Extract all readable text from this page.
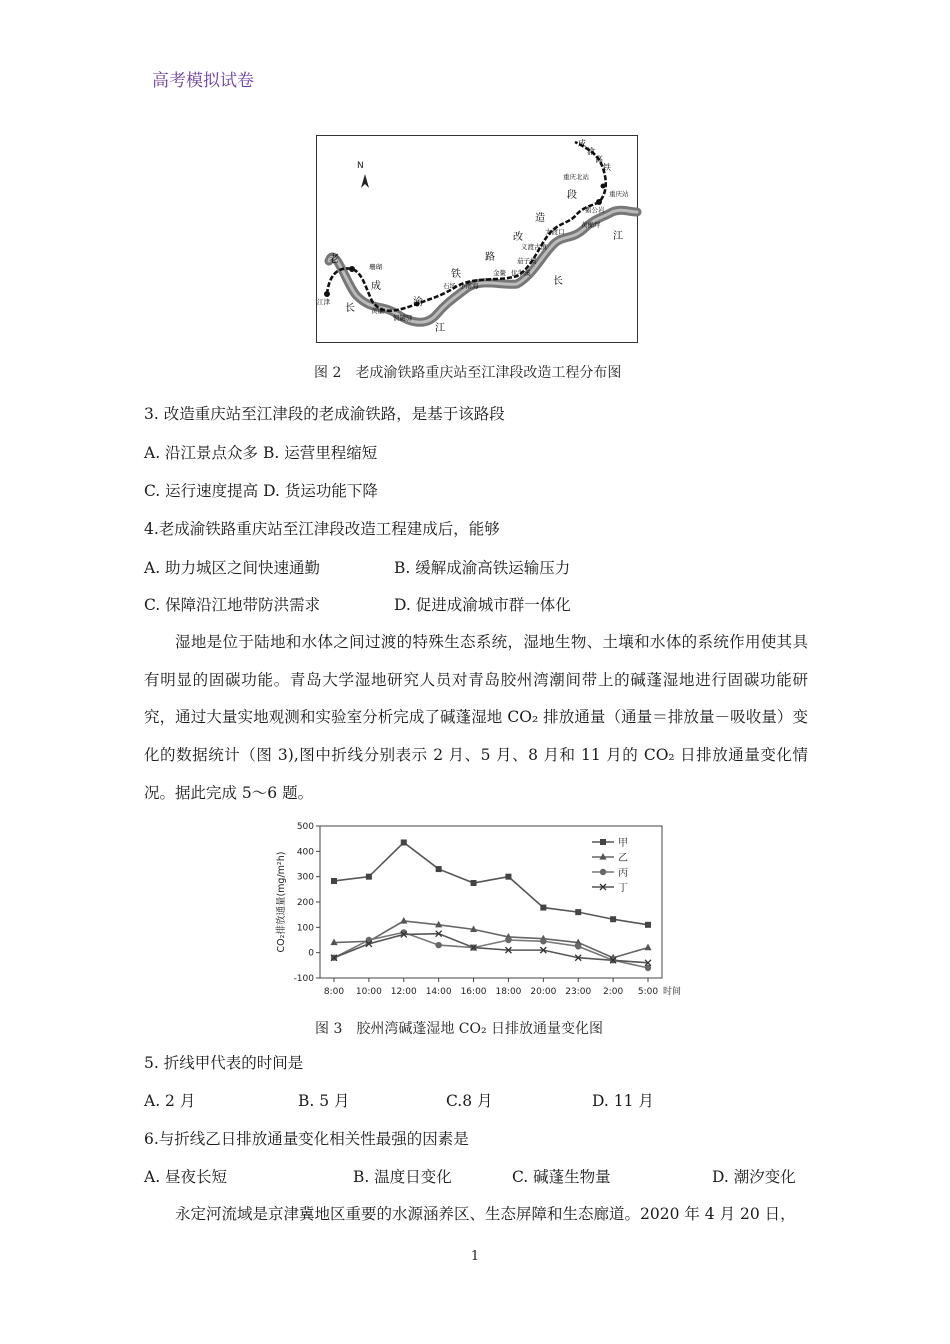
高考模拟试卷
N
成
渝
高
铁
重庆北站
重庆站
段
鹅公岩
黄桷坪
造
江
大渡口
改
义渡古镇
茄子溪
路
金鳌 伏牛溪
铁
石场 小南海	长
老
成
渝
珊瑚
江津
长 黄谦
铜罐驿
江
图 2　老成渝铁路重庆站至江津段改造工程分布图
3. 改造重庆站至江津段的老成渝铁路，是基于该路段
A. 沿江景点众多 B. 运营里程缩短
C. 运行速度提高 D. 货运功能下降
4.老成渝铁路重庆站至江津段改造工程建成后，能够
A. 助力城区之间快速通勤	B. 缓解成渝高铁运输压力
C. 保障沿江地带防洪需求	D. 促进成渝城市群一体化
湿地是位于陆地和水体之间过渡的特殊生态系统，湿地生物、土壤和水体的系统作用使其具有明显的固碳功能。青岛大学湿地研究人员对青岛胶州湾潮间带上的碱蓬湿地进行固碳功能研究，通过大量实地观测和实验室分析完成了碱蓬湿地 CO₂ 排放通量（通量＝排放量－吸收量）变化的数据统计（图 3),图中折线分别表示 2 月、5 月、8 月和 11 月的 CO₂ 日排放通量变化情况。据此完成 5～6 题。
-100
0
100
200
300
400
500
8:00 10:00 12:00 14:00 16:00 18:00 20:00 23:00 2:00 5:00 时间
CO₂排放通量(mg/m²h)
甲
乙
丙
丁
图 3　胶州湾碱蓬湿地 CO₂ 日排放通量变化图
5. 折线甲代表的时间是
A. 2 月	B. 5 月	C.8 月	D. 11 月
6.与折线乙日排放通量变化相关性最强的因素是
A. 昼夜长短	B. 温度日变化	C. 碱蓬生物量	D. 潮汐变化
永定河流域是京津冀地区重要的水源涵养区、生态屏障和生态廊道。2020 年 4 月 20 日，
1
